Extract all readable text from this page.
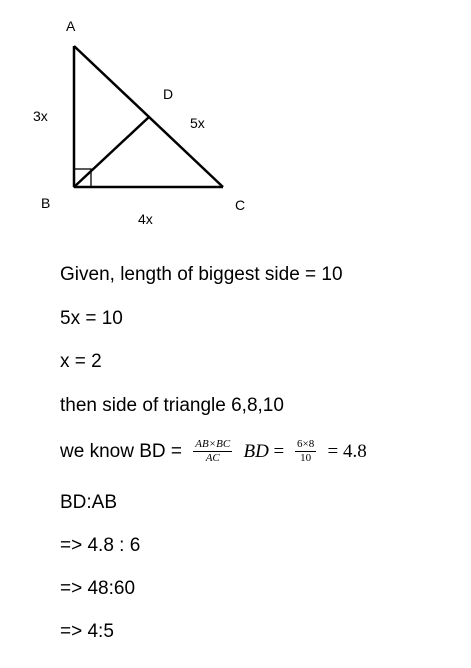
A
B	C
D
3x
4x
5x
Given, length of biggest side = 10
5x = 10
x = 2
then side of triangle 6,8,10
we know BD = $\frac{AB\times BC}{AC}$ BD = $\frac{6\times 8}{10} = 4.8$
BD:AB
=> 4.8 : 6
=> 48:60
=> 4:5
